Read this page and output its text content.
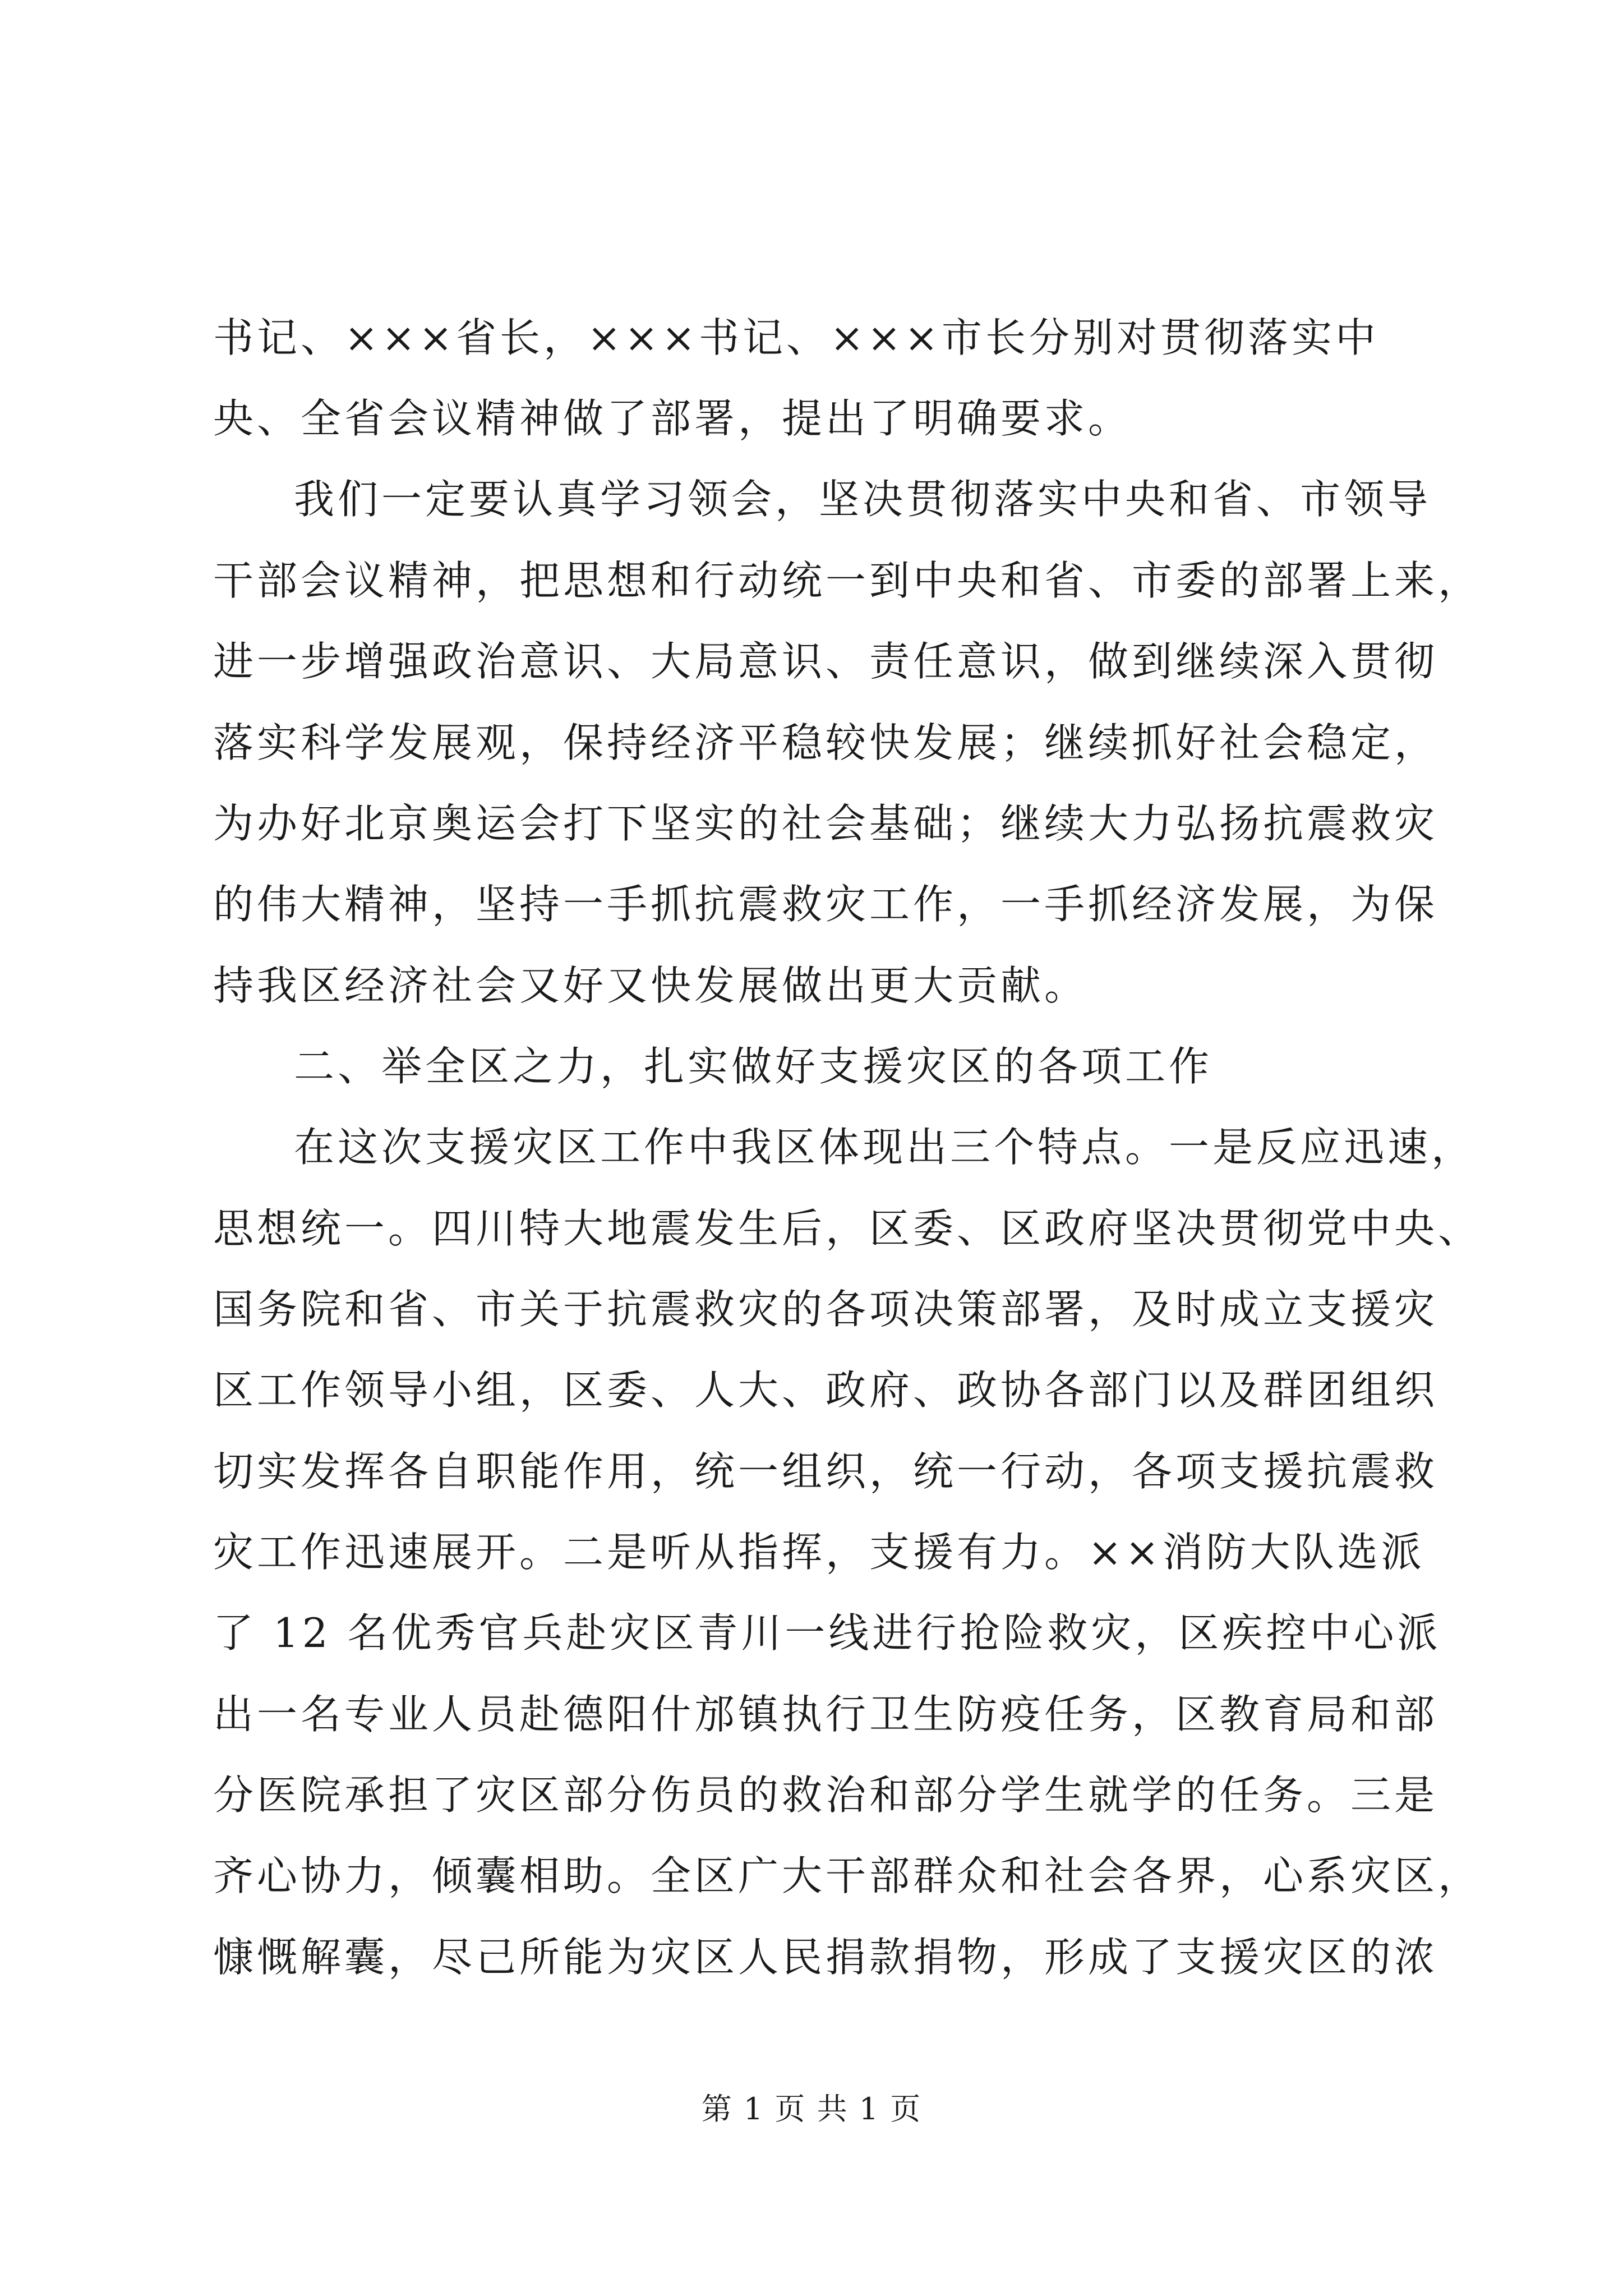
书记、×××省长，×××书记、×××市长分别对贯彻落实中
央、全省会议精神做了部署，提出了明确要求。
我们一定要认真学习领会，坚决贯彻落实中央和省、市领导
干部会议精神，把思想和行动统一到中央和省、市委的部署上来，
进一步增强政治意识、大局意识、责任意识，做到继续深入贯彻
落实科学发展观，保持经济平稳较快发展；继续抓好社会稳定，
为办好北京奥运会打下坚实的社会基础；继续大力弘扬抗震救灾
的伟大精神，坚持一手抓抗震救灾工作，一手抓经济发展，为保
持我区经济社会又好又快发展做出更大贡献。
二、举全区之力，扎实做好支援灾区的各项工作
在这次支援灾区工作中我区体现出三个特点。一是反应迅速，
思想统一。四川特大地震发生后，区委、区政府坚决贯彻党中央、
国务院和省、市关于抗震救灾的各项决策部署，及时成立支援灾
区工作领导小组，区委、人大、政府、政协各部门以及群团组织
切实发挥各自职能作用，统一组织，统一行动，各项支援抗震救
灾工作迅速展开。二是听从指挥，支援有力。××消防大队选派
了 12 名优秀官兵赴灾区青川一线进行抢险救灾，区疾控中心派
出一名专业人员赴德阳什邡镇执行卫生防疫任务，区教育局和部
分医院承担了灾区部分伤员的救治和部分学生就学的任务。三是
齐心协力，倾囊相助。全区广大干部群众和社会各界，心系灾区，
慷慨解囊，尽己所能为灾区人民捐款捐物，形成了支援灾区的浓
第 1 页 共 1 页
